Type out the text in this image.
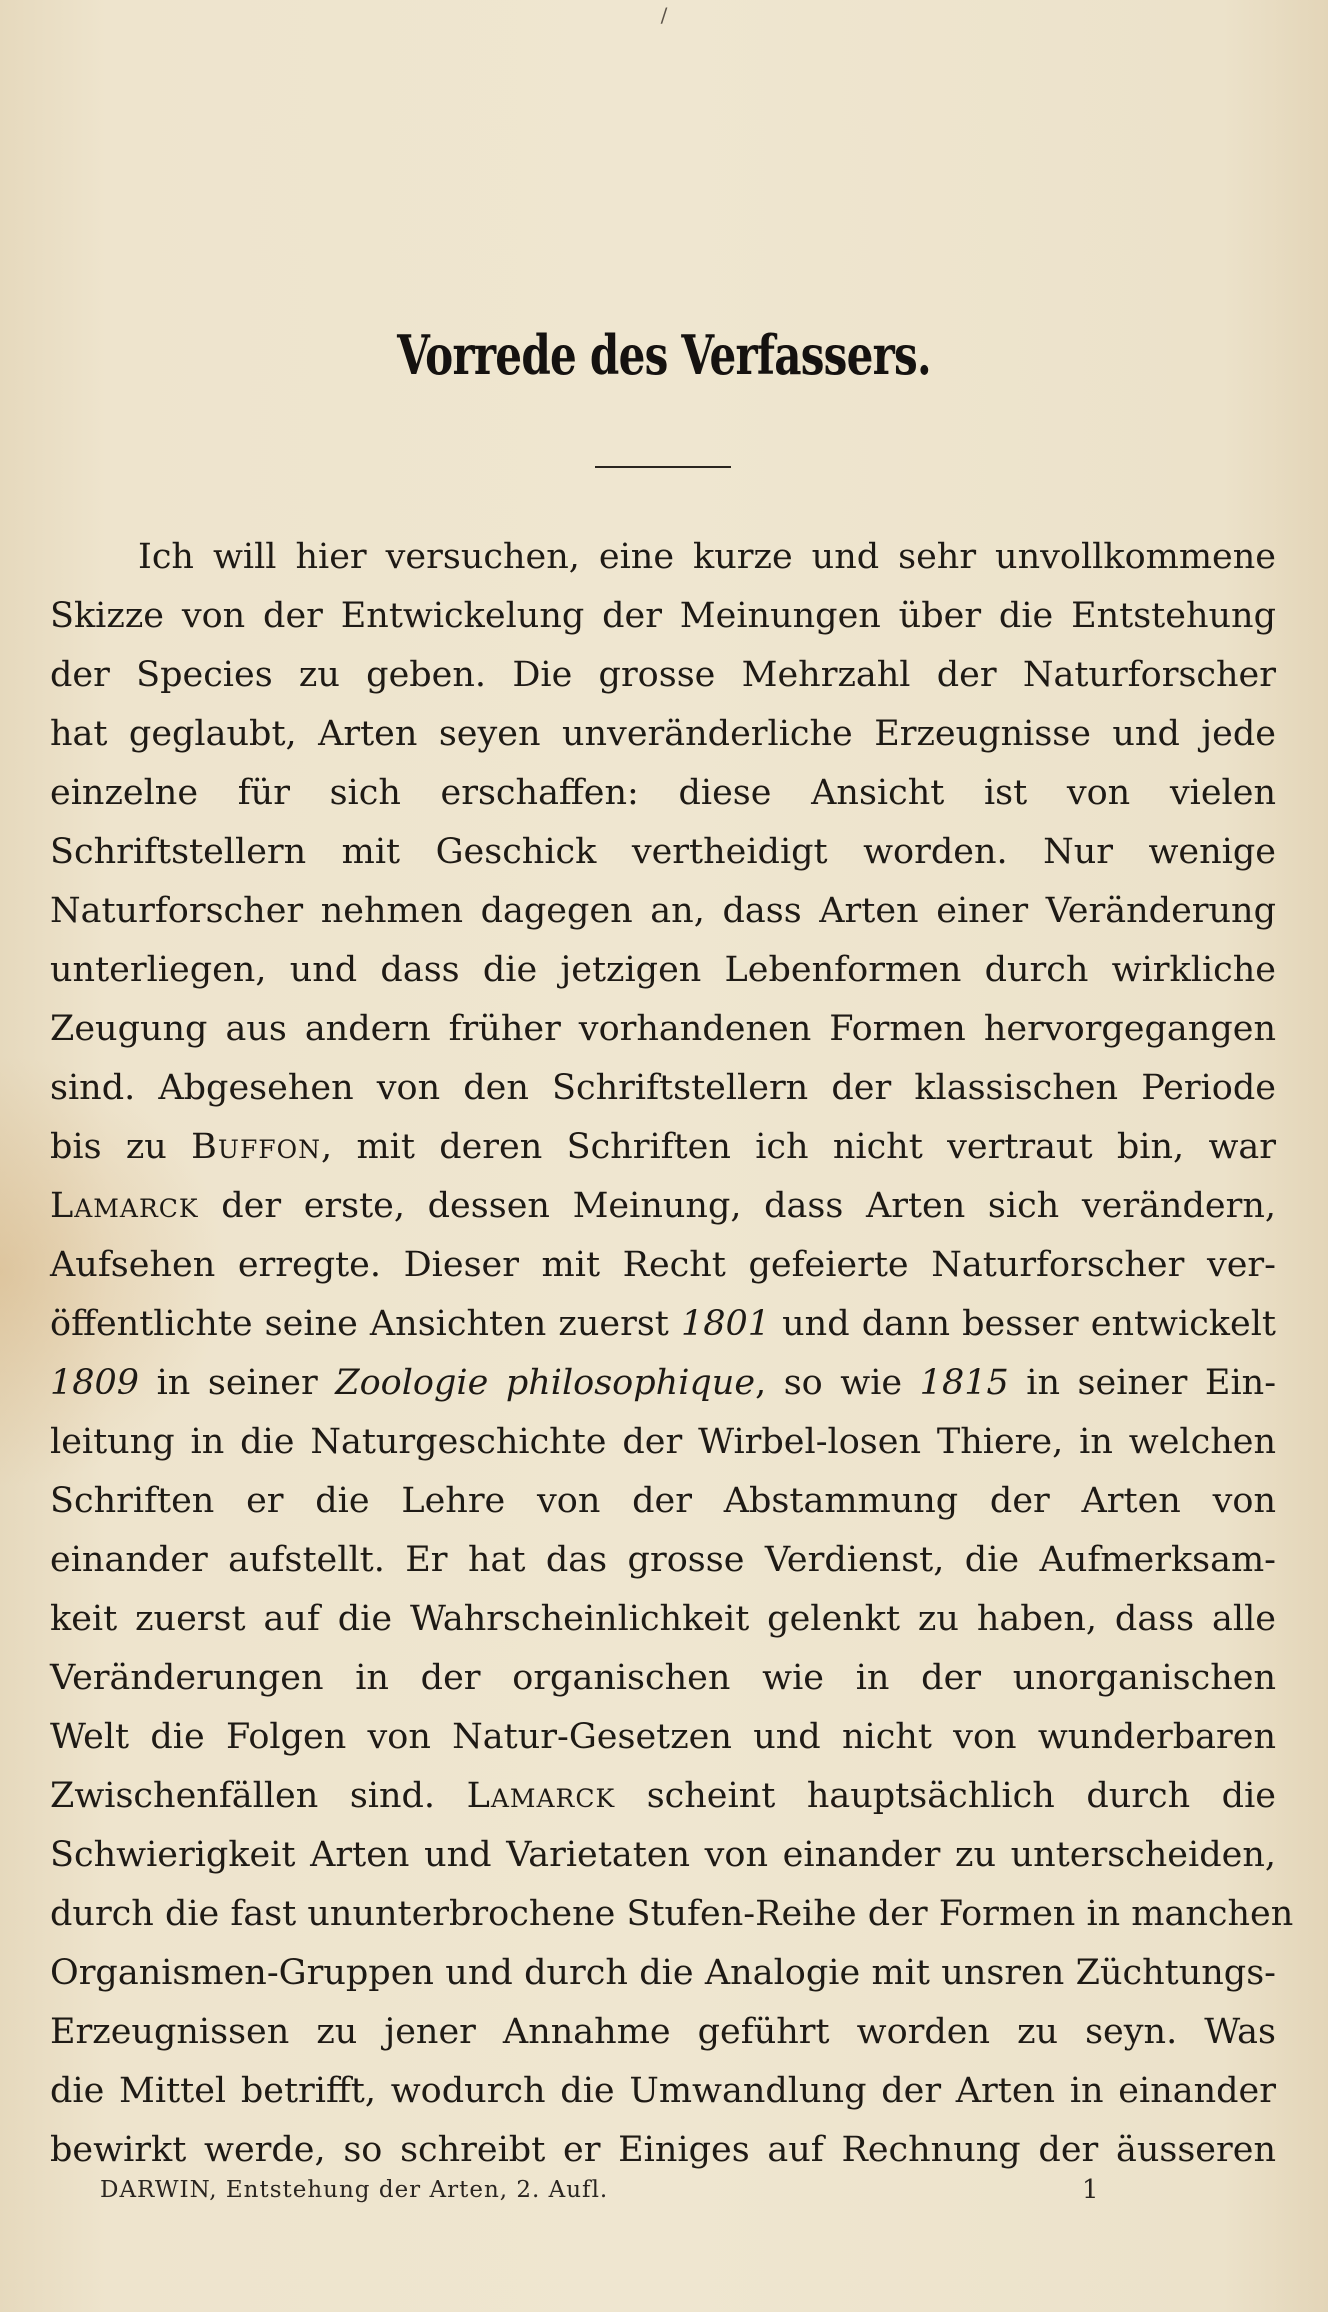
/
Vorrede des Verfassers.
Ich will hier versuchen, eine kurze und sehr unvollkommene
Skizze von der Entwickelung der Meinungen über die Entstehung
der Species zu geben. Die grosse Mehrzahl der Naturforscher
hat geglaubt, Arten seyen unveränderliche Erzeugnisse und jede
einzelne für sich erschaffen: diese Ansicht ist von vielen
Schriftstellern mit Geschick vertheidigt worden. Nur wenige
Naturforscher nehmen dagegen an, dass Arten einer Veränderung
unterliegen, und dass die jetzigen Lebenformen durch wirkliche
Zeugung aus andern früher vorhandenen Formen hervorgegangen
sind. Abgesehen von den Schriftstellern der klassischen Periode
bis zu Buffon, mit deren Schriften ich nicht vertraut bin, war
Lamarck der erste, dessen Meinung, dass Arten sich verändern,
Aufsehen erregte. Dieser mit Recht gefeierte Naturforscher ver-
öffentlichte seine Ansichten zuerst 1801 und dann besser entwickelt
1809 in seiner Zoologie philosophique, so wie 1815 in seiner Ein-
leitung in die Naturgeschichte der Wirbel-losen Thiere, in welchen
Schriften er die Lehre von der Abstammung der Arten von
einander aufstellt. Er hat das grosse Verdienst, die Aufmerksam-
keit zuerst auf die Wahrscheinlichkeit gelenkt zu haben, dass alle
Veränderungen in der organischen wie in der unorganischen
Welt die Folgen von Natur-Gesetzen und nicht von wunderbaren
Zwischenfällen sind. Lamarck scheint hauptsächlich durch die
Schwierigkeit Arten und Varietaten von einander zu unterscheiden,
durch die fast ununterbrochene Stufen-Reihe der Formen in manchen
Organismen-Gruppen und durch die Analogie mit unsren Züchtungs-
Erzeugnissen zu jener Annahme geführt worden zu seyn. Was
die Mittel betrifft, wodurch die Umwandlung der Arten in einander
bewirkt werde, so schreibt er Einiges auf Rechnung der äusseren
DARWIN, Entstehung der Arten, 2. Aufl.	1
